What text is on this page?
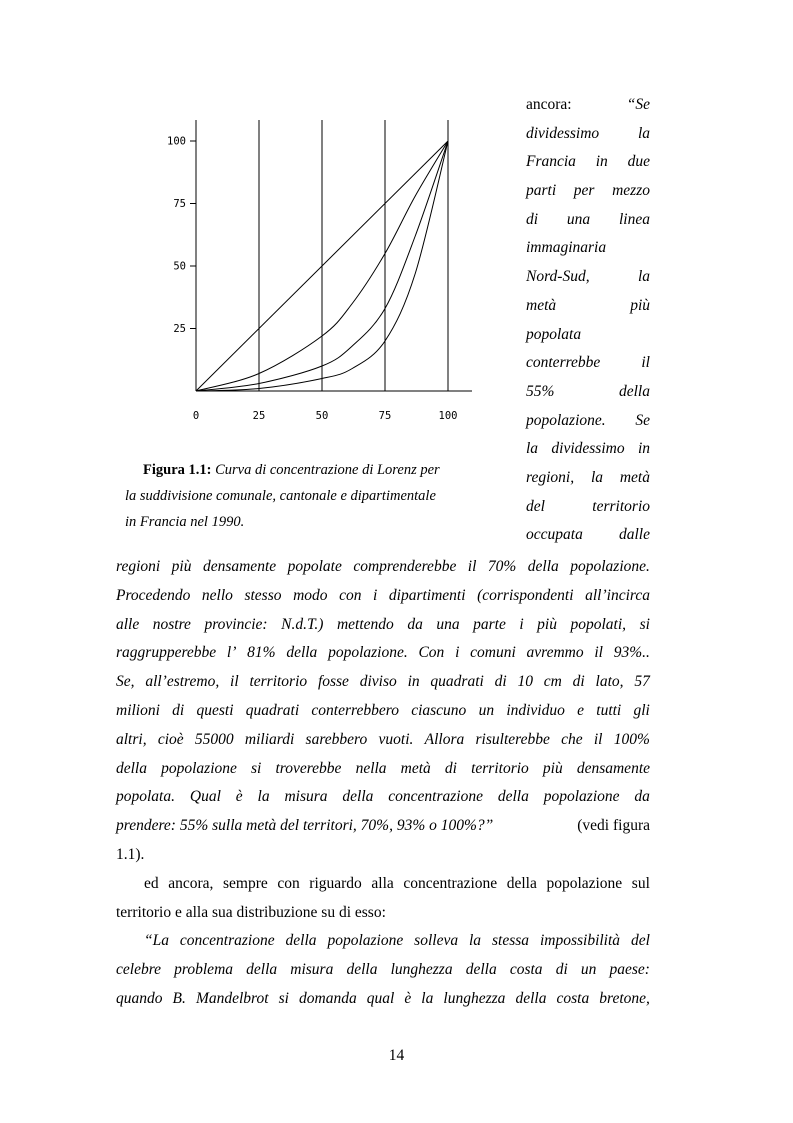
100
75
50
25
0	25	50	75	100
Figura 1.1: Curva di concentrazione di Lorenz per
la suddivisione comunale, cantonale e dipartimentale
in Francia nel 1990.
ancora:	“Se
dividessimo	la
Francia in due
parti per mezzo
di una linea
immaginaria
Nord-Sud,	la
metà	più
popolata
conterrebbe	il
55%	della
popolazione. Se
la dividessimo in
regioni, la metà
del	territorio
occupata dalle
regioni più densamente popolate comprenderebbe il 70% della popolazione.
Procedendo nello stesso modo con i dipartimenti (corrispondenti all’incirca
alle nostre provincie: N.d.T.) mettendo da una parte i più popolati, si
raggrupperebbe l’ 81% della popolazione. Con i comuni avremmo il 93%..
Se, all’estremo, il territorio fosse diviso in quadrati di 10 cm di lato, 57
milioni di questi quadrati conterrebbero ciascuno un individuo e tutti gli
altri, cioè 55000 miliardi sarebbero vuoti. Allora risulterebbe che il 100%
della popolazione si troverebbe nella metà di territorio più densamente
popolata. Qual è la misura della concentrazione della popolazione da
prendere: 55% sulla metà del territori, 70%, 93% o 100%?”	(vedi figura
1.1).
ed ancora, sempre con riguardo alla concentrazione della popolazione sul
territorio e alla sua distribuzione su di esso:
“La concentrazione della popolazione solleva la stessa impossibilità del
celebre problema della misura della lunghezza della costa di un paese:
quando B. Mandelbrot si domanda qual è la lunghezza della costa bretone,
14
